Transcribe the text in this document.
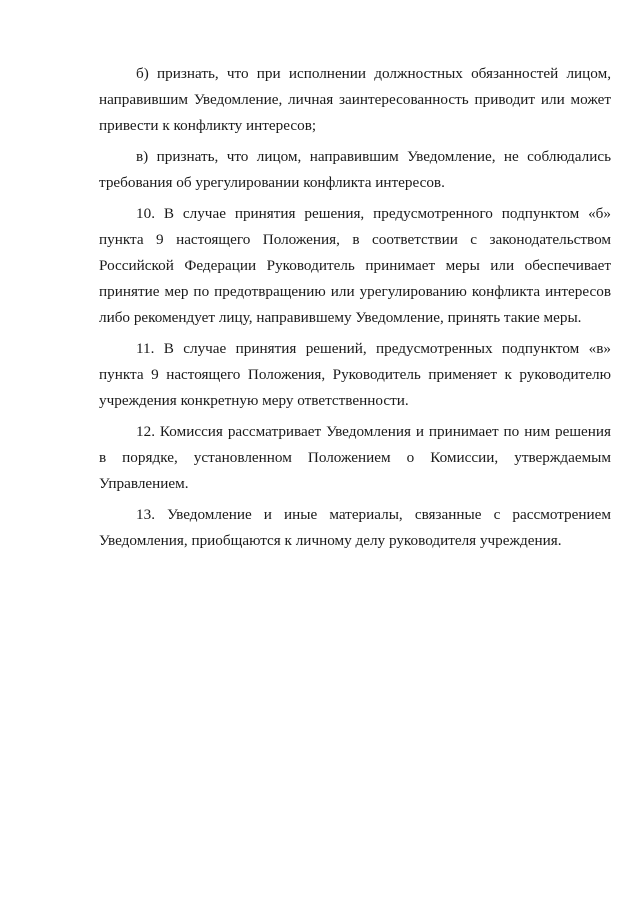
б) признать, что при исполнении должностных обязанностей лицом, направившим Уведомление, личная заинтересованность приводит или может привести к конфликту интересов;

в) признать, что лицом, направившим Уведомление, не соблюдались требования об урегулировании конфликта интересов.

10. В случае принятия решения, предусмотренного подпунктом «б» пункта 9 настоящего Положения, в соответствии с законодательством Российской Федерации Руководитель принимает меры или обеспечивает принятие мер по предотвращению или урегулированию конфликта интересов либо рекомендует лицу, направившему Уведомление, принять такие меры.

11. В случае принятия решений, предусмотренных подпунктом «в» пункта 9 настоящего Положения, Руководитель применяет к руководителю учреждения конкретную меру ответственности.

12. Комиссия рассматривает Уведомления и принимает по ним решения в порядке, установленном Положением о Комиссии, утверждаемым Управлением.

13. Уведомление и иные материалы, связанные с рассмотрением Уведомления, приобщаются к личному делу руководителя учреждения.
